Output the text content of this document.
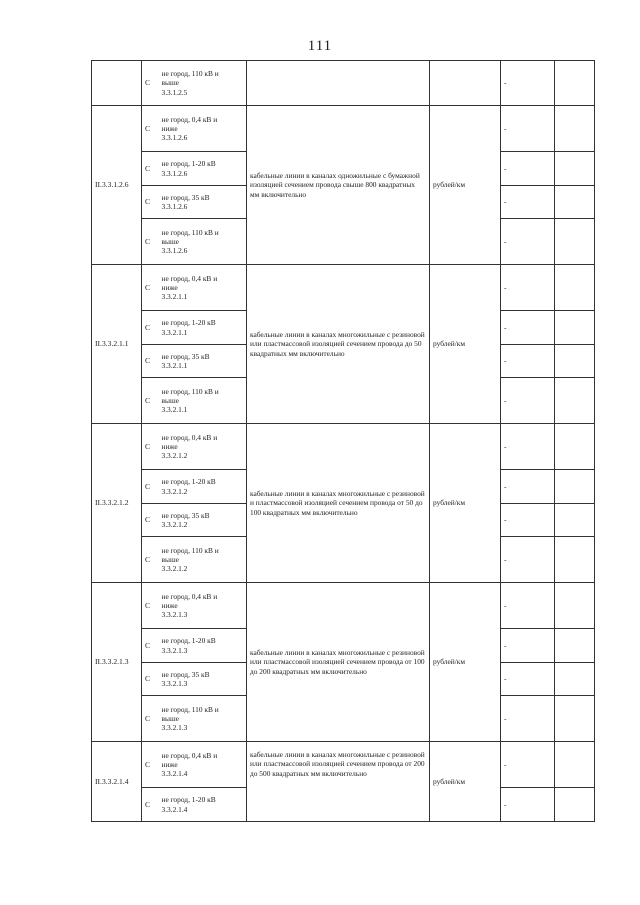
111
	С	не город, 110 кВ и
выше
3.3.1.2.5			-	
II.3.3.1.2.6	С	не город, 0,4 кВ и
ниже
3.3.1.2.6	кабельные линии в каналах одножильные с бумажной изоляцией сечением провода свыше 800 квадратных мм включительно	рублей/км	-	
	С	не город, 1-20 кВ
3.3.1.2.6			-	
	С	не город, 35 кВ
3.3.1.2.6			-	
	С	не город, 110 кВ и
выше
3.3.1.2.6			-	
II.3.3.2.1.1	С	не город, 0,4 кВ и
ниже
3.3.2.1.1	кабельные линии в каналах многожильные с резиновой или пластмассовой изоляцией сечением провода до 50 квадратных мм включительно	рублей/км	-	
	С	не город, 1-20 кВ
3.3.2.1.1			-	
	С	не город, 35 кВ
3.3.2.1.1			-	
	С	не город, 110 кВ и
выше
3.3.2.1.1			-	
II.3.3.2.1.2	С	не город, 0,4 кВ и
ниже
3.3.2.1.2	кабельные линии в каналах многожильные с резиновой и пластмассовой изоляцией сечением провода от 50 до 100 квадратных мм включительно	рублей/км	-	
	С	не город, 1-20 кВ
3.3.2.1.2			-	
	С	не город, 35 кВ
3.3.2.1.2			-	
	С	не город, 110 кВ и
выше
3.3.2.1.2			-	
II.3.3.2.1.3	С	не город, 0,4 кВ и
ниже
3.3.2.1.3	кабельные линии в каналах многожильные с резиновой или пластмассовой изоляцией сечением провода от 100 до 200 квадратных мм включительно	рублей/км	-	
	С	не город, 1-20 кВ
3.3.2.1.3			-	
	С	не город, 35 кВ
3.3.2.1.3			-	
	С	не город, 110 кВ и
выше
3.3.2.1.3			-	
II.3.3.2.1.4	С	не город, 0,4 кВ и
ниже
3.3.2.1.4	кабельные линии в каналах многожильные с резиновой или пластмассовой изоляцией сечением провода от 200 до 500 квадратных мм включительно	рублей/км	-	
	С	не город, 1-20 кВ
3.3.2.1.4			-	
